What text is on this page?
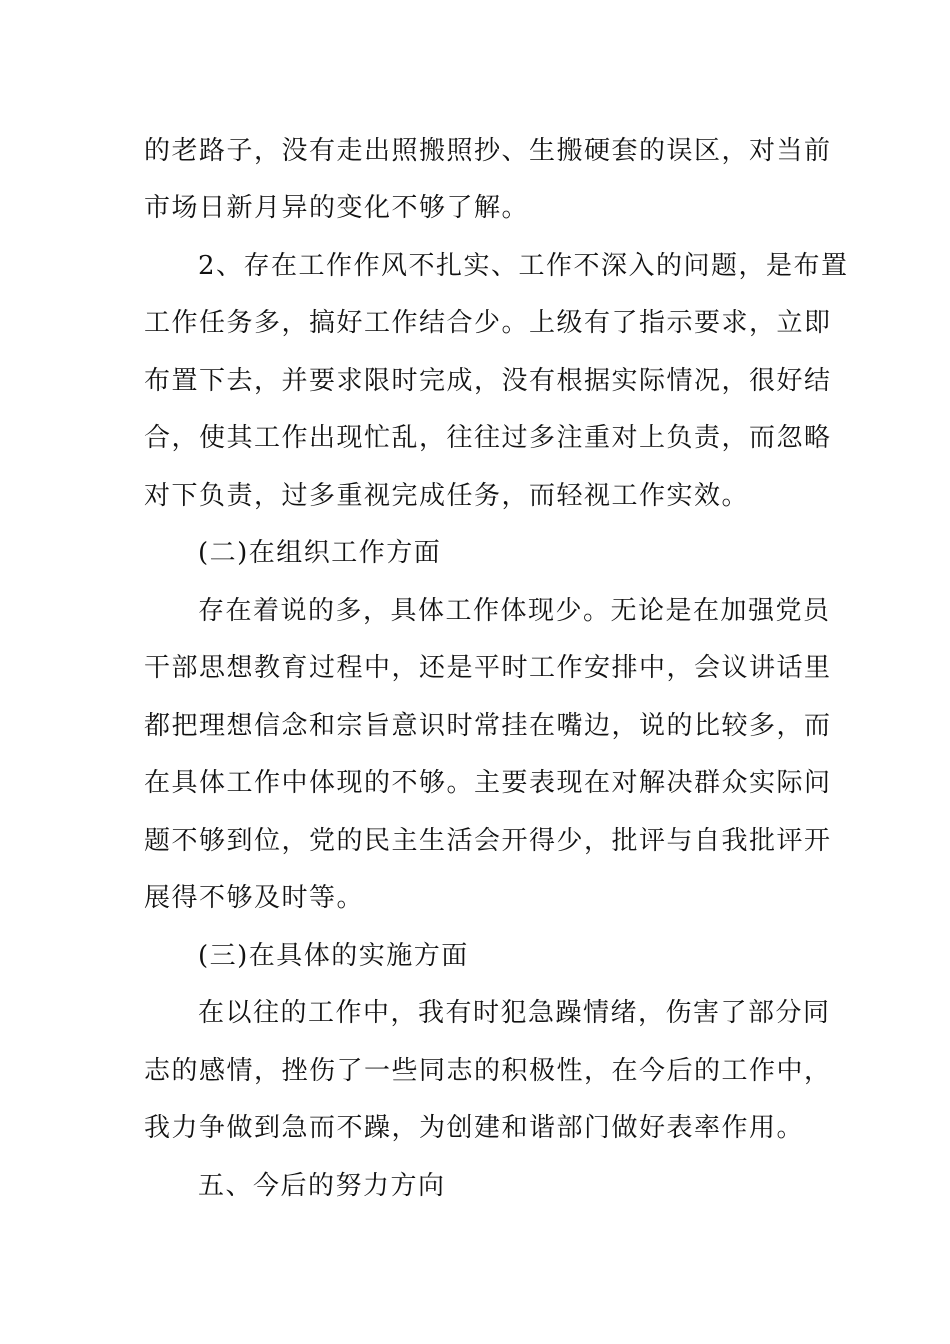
的老路子，没有走出照搬照抄、生搬硬套的误区，对当前
市场日新月异的变化不够了解。
2、存在工作作风不扎实、工作不深入的问题，是布置
工作任务多，搞好工作结合少。上级有了指示要求，立即
布置下去，并要求限时完成，没有根据实际情况，很好结
合，使其工作出现忙乱，往往过多注重对上负责，而忽略
对下负责，过多重视完成任务，而轻视工作实效。
(二)在组织工作方面
存在着说的多，具体工作体现少。无论是在加强党员
干部思想教育过程中，还是平时工作安排中，会议讲话里
都把理想信念和宗旨意识时常挂在嘴边，说的比较多，而
在具体工作中体现的不够。主要表现在对解决群众实际问
题不够到位，党的民主生活会开得少，批评与自我批评开
展得不够及时等。
(三)在具体的实施方面
在以往的工作中，我有时犯急躁情绪，伤害了部分同
志的感情，挫伤了一些同志的积极性，在今后的工作中，
我力争做到急而不躁，为创建和谐部门做好表率作用。
五、今后的努力方向
